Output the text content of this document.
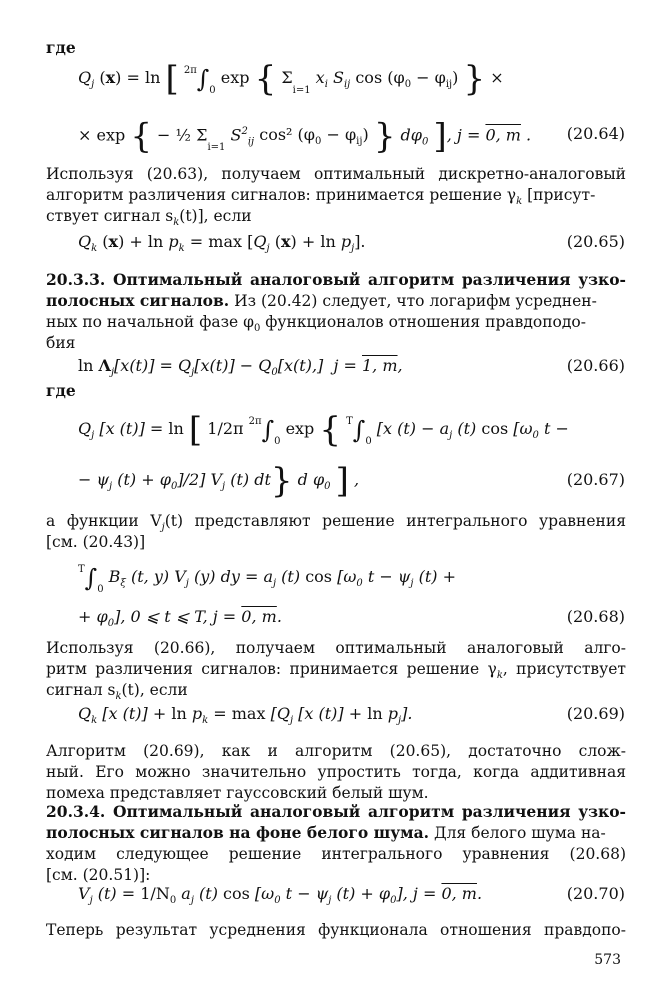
где
$Q_j$ (x) = ln [ 2π∫0 exp { Σi=1 $x_i$ $S_{ij}$ $\cos (\varphi_0 - \varphi_{ij})$ } ×
× exp { − ½ Σi=1 $S^2_{ij}$ cos² $(\varphi_0 - \varphi_{ij})$ } $d\varphi_0$ ], j = 0, m . (20.64)
Используя (20.63), получаем оптимальный дискретно-аналоговый
алгоритм различения сигналов: принимается решение $\gamma_k$ [присут-
ствует сигнал $s_k(t)$], если
$Q_k$ $(x) + \ln p_k = \max [Q_j$ $(x) + \ln p_j$].	(20.65)
20.3.3. Оптимальный аналоговый алгоритм различения узко-
полосных сигналов. Из (20.42) следует, что логарифм усреднен-
ных по начальной фазе $\varphi_0$ функционалов отношения правдоподо-
бия
$\ln \Lambda_j[x(t)] = Q_j[x(t)] - Q_0[x(t),] j = 1$, m,	(20.66)
где
$Q_j$ [x (t)] = ln [ 1/2π 2π∫0 exp { T∫0 [x $(t) - a_j$ (t) $\cos [\omega_0$ t −
− $\psi_j$ $(t) + \varphi_0]/2$] $V_j$ (t) dt} d $\varphi_0$ ] ,	(20.67)
а функции $V_j(t)$ представляют решение интегрального уравнения
[см. (20.43)]
T∫0 $B_\xi$ (t, y) $V_j$ (y) dy = $a_j$ (t) $\cos [\omega_0$ $t - \psi_j$ (t) +
+ $\varphi_0$], 0 ⩽ t ⩽ T, j = 0, m.	(20.68)
Используя (20.66), получаем оптимальный аналоговый алго-
ритм различения сигналов: принимается решение $\gamma_k$, присутствует
сигнал $s_k(t)$, если
$Q_k$ [x $(t)] + \ln p_k = \max [Q_j$ [x $(t)] + \ln p_j$].	(20.69)
Алгоритм (20.69), как и алгоритм (20.65), достаточно слож-
ный. Его можно значительно упростить тогда, когда аддитивная
помеха представляет гауссовский белый шум.
20.3.4. Оптимальный аналоговый алгоритм различения узко-
полосных сигналов на фоне белого шума. Для белого шума на-
ходим следующее решение интегрального уравнения (20.68)
[см. (20.51)]:
$V_j$ $(t) = 1/N_0$ $a_j$ (t) $\cos [\omega_0$ $t - \psi_j$ $(t) + \varphi_0$], j = 0, m.	(20.70)
Теперь результат усреднения функционала отношения правдопо-
573
